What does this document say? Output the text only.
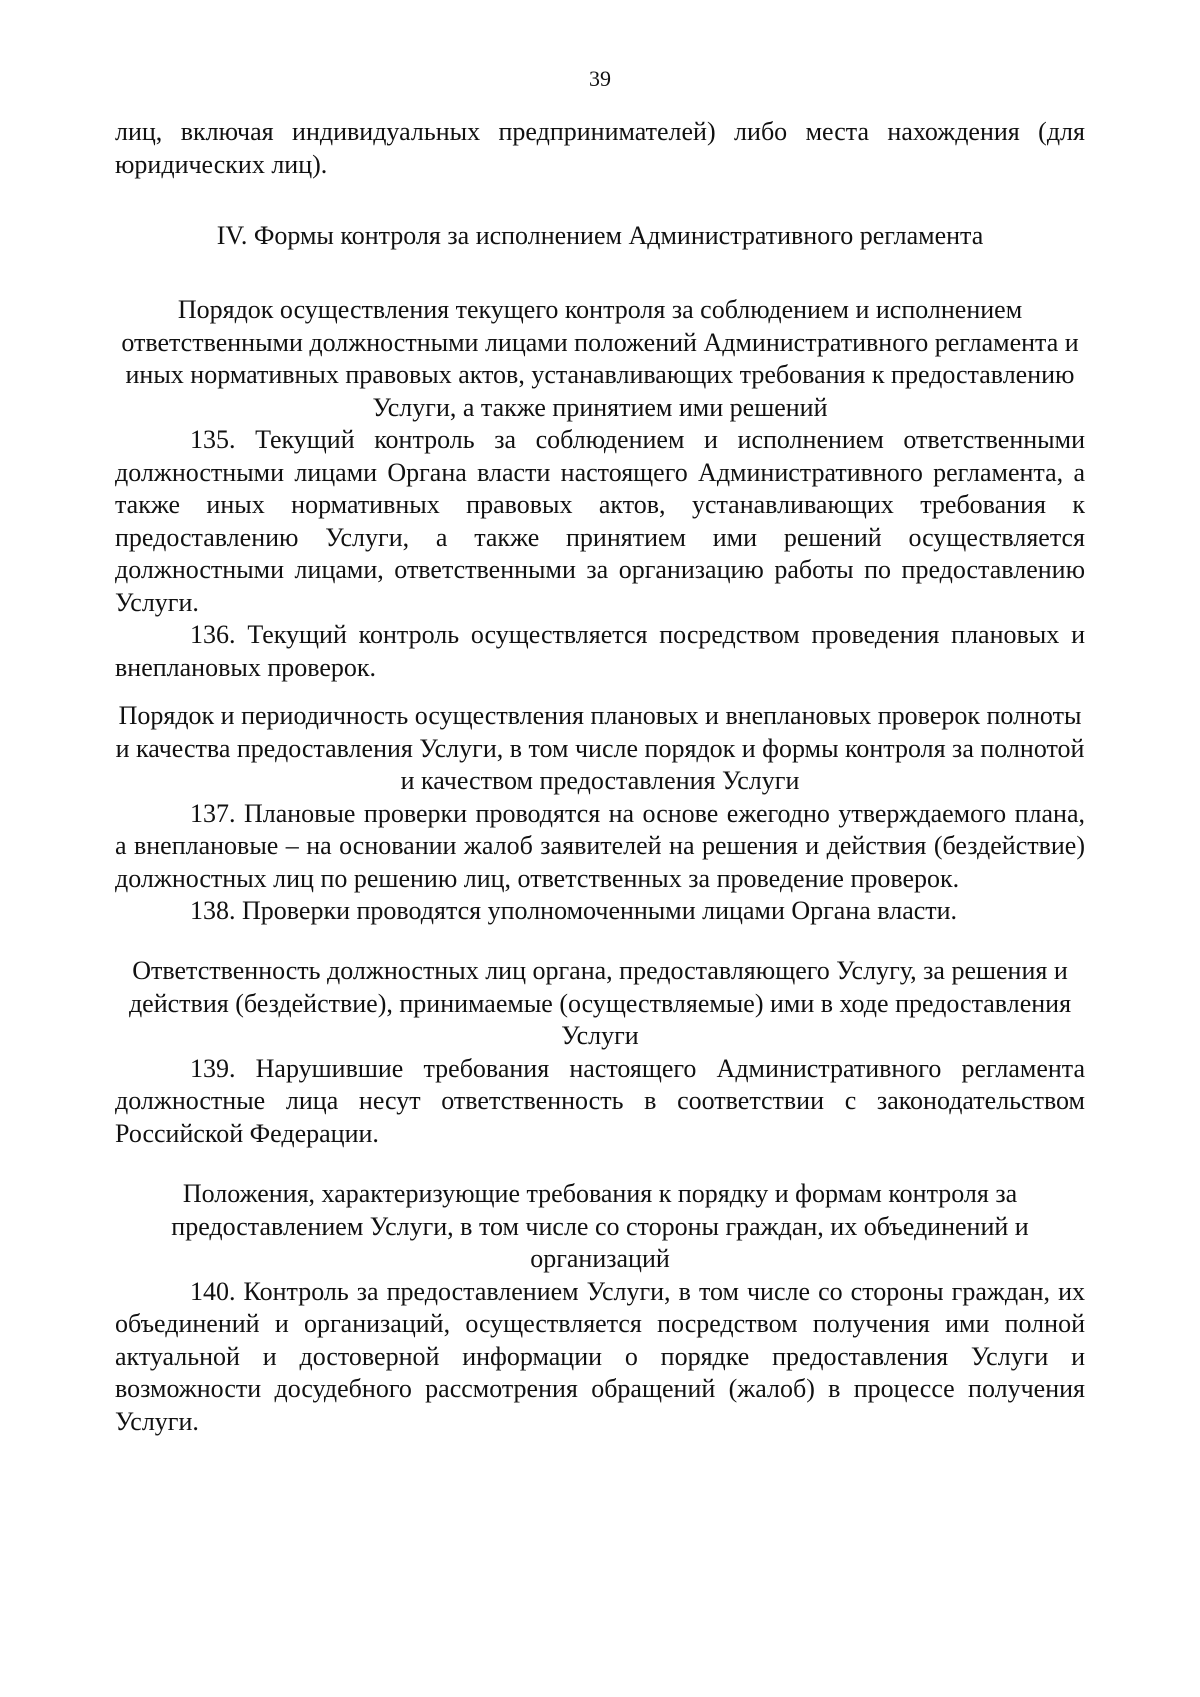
39

лиц, включая индивидуальных предпринимателей) либо места нахождения (для юридических лиц).

IV. Формы контроля за исполнением Административного регламента

Порядок осуществления текущего контроля за соблюдением и исполнением ответственными должностными лицами положений Административного регламента и иных нормативных правовых актов, устанавливающих требования к предоставлению Услуги, а также принятием ими решений

135. Текущий контроль за соблюдением и исполнением ответственными должностными лицами Органа власти настоящего Административного регламента, а также иных нормативных правовых актов, устанавливающих требования к предоставлению Услуги, а также принятием ими решений осуществляется должностными лицами, ответственными за организацию работы по предоставлению Услуги.

136. Текущий контроль осуществляется посредством проведения плановых и внеплановых проверок.

Порядок и периодичность осуществления плановых и внеплановых проверок полноты и качества предоставления Услуги, в том числе порядок и формы контроля за полнотой и качеством предоставления Услуги

137. Плановые проверки проводятся на основе ежегодно утверждаемого плана, а внеплановые – на основании жалоб заявителей на решения и действия (бездействие) должностных лиц по решению лиц, ответственных за проведение проверок.

138. Проверки проводятся уполномоченными лицами Органа власти.

Ответственность должностных лиц органа, предоставляющего Услугу, за решения и действия (бездействие), принимаемые (осуществляемые) ими в ходе предоставления Услуги

139. Нарушившие требования настоящего Административного регламента должностные лица несут ответственность в соответствии с законодательством Российской Федерации.

Положения, характеризующие требования к порядку и формам контроля за предоставлением Услуги, в том числе со стороны граждан, их объединений и организаций

140. Контроль за предоставлением Услуги, в том числе со стороны граждан, их объединений и организаций, осуществляется посредством получения ими полной актуальной и достоверной информации о порядке предоставления Услуги и возможности досудебного рассмотрения обращений (жалоб) в процессе получения Услуги.
